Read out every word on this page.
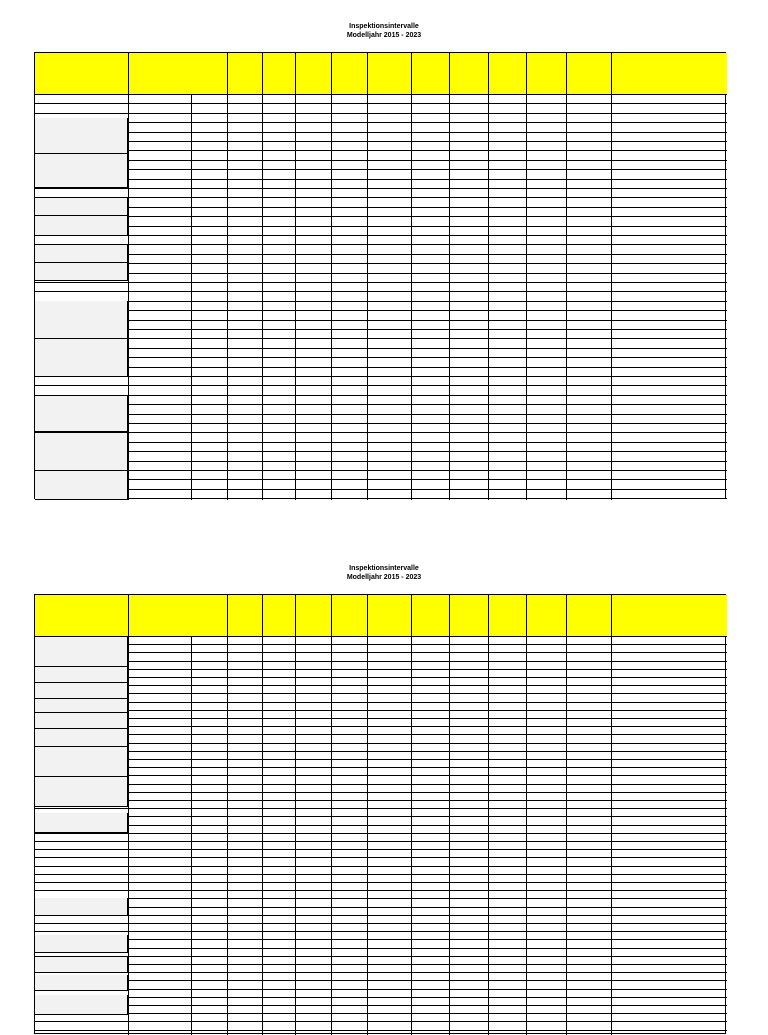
Inspektionsintervalle
Modelljahr 2015 - 2023
Inspektionsintervalle
Modelljahr 2015 - 2023
